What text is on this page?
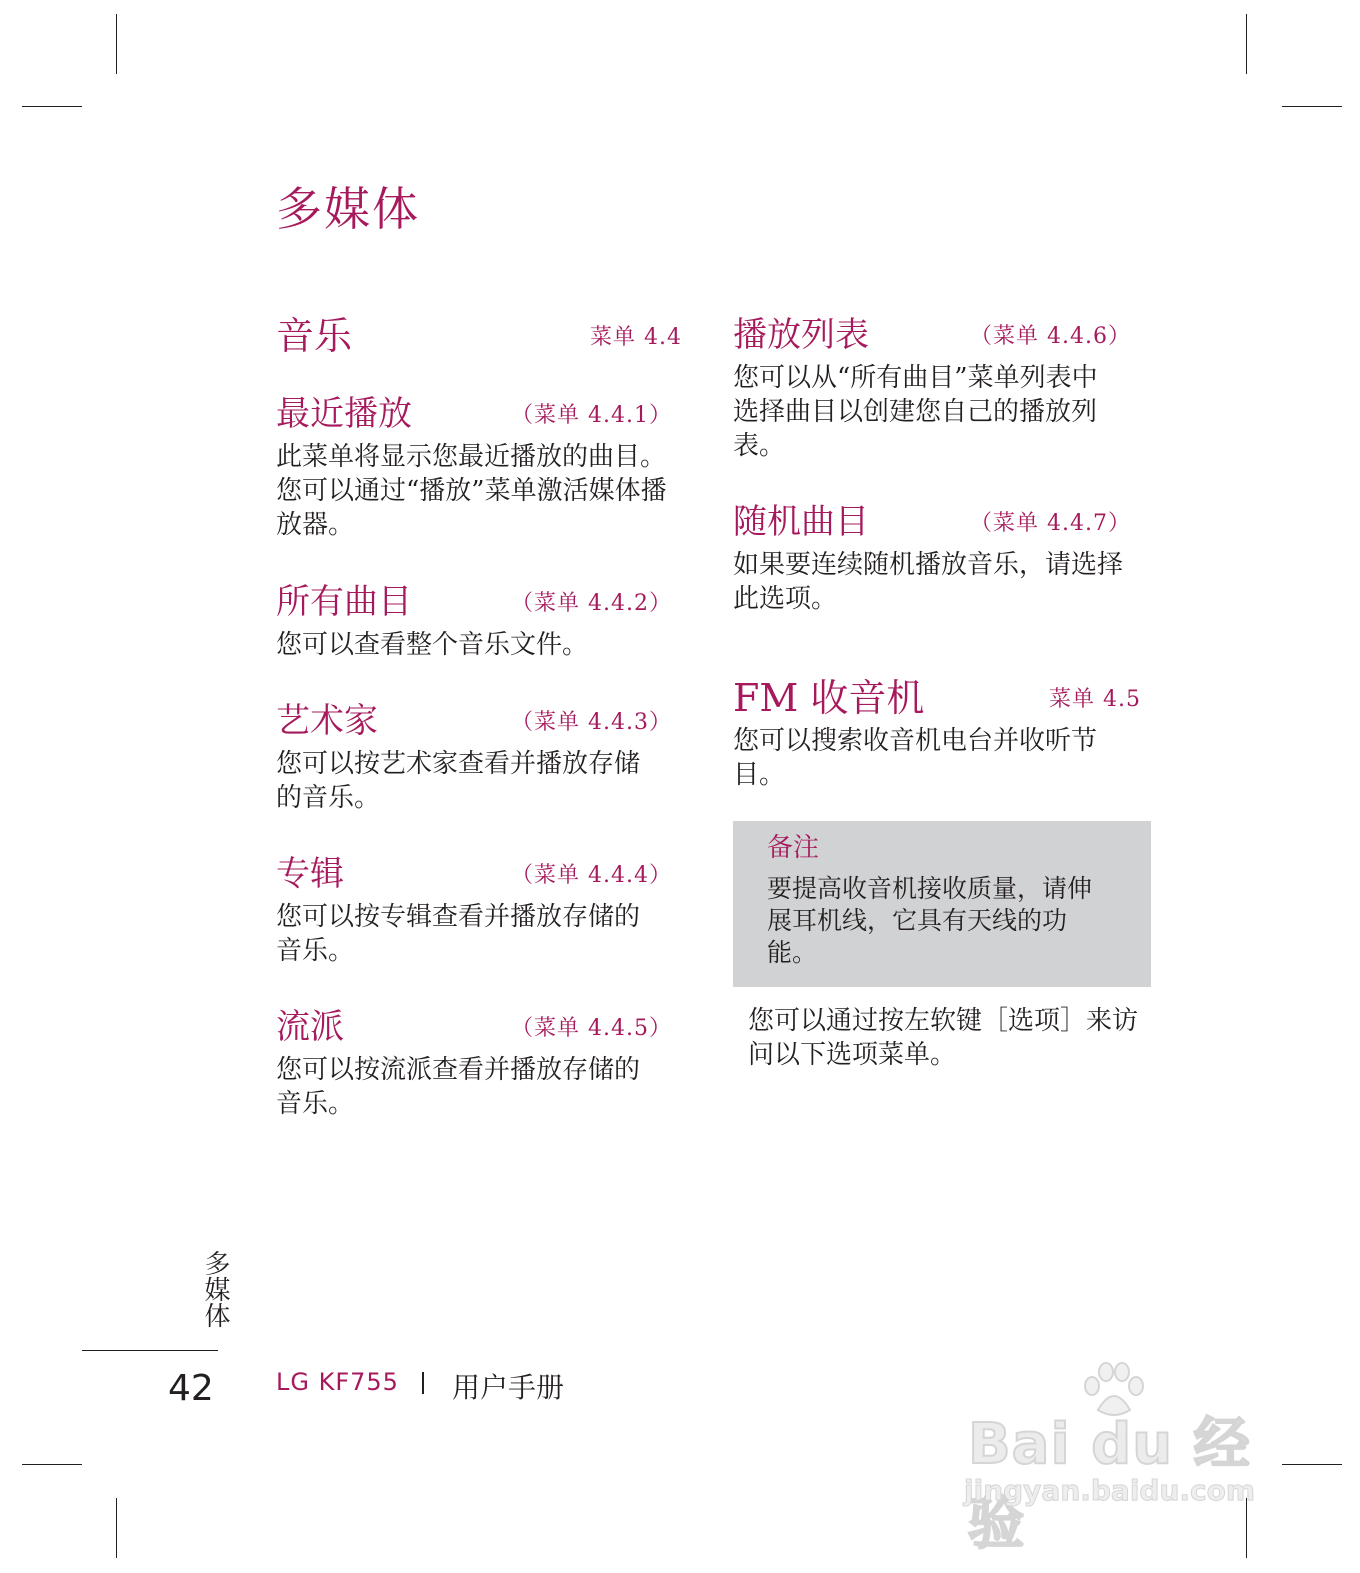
多媒体
音乐	菜单 4.4
最近播放	（菜单 4.4.1）
此菜单将显示您最近播放的曲目。您可以通过“播放”菜单激活媒体播放器。
所有曲目	（菜单 4.4.2）
您可以查看整个音乐文件。
艺术家	（菜单 4.4.3）
您可以按艺术家查看并播放存储的音乐。
专辑	（菜单 4.4.4）
您可以按专辑查看并播放存储的音乐。
流派	（菜单 4.4.5）
您可以按流派查看并播放存储的音乐。
播放列表	（菜单 4.4.6）
您可以从“所有曲目”菜单列表中选择曲目以创建您自己的播放列表。
随机曲目	（菜单 4.4.7）
如果要连续随机播放音乐，请选择此选项。
FM 收音机	菜单 4.5
您可以搜索收音机电台并收听节目。
备注
要提高收音机接收质量，请伸展耳机线，它具有天线的功能。
您可以通过按左软键［选项］来访问以下选项菜单。
多媒体
42	LG KF755 用户手册
Bai du 经验
jingyan.baidu.com
